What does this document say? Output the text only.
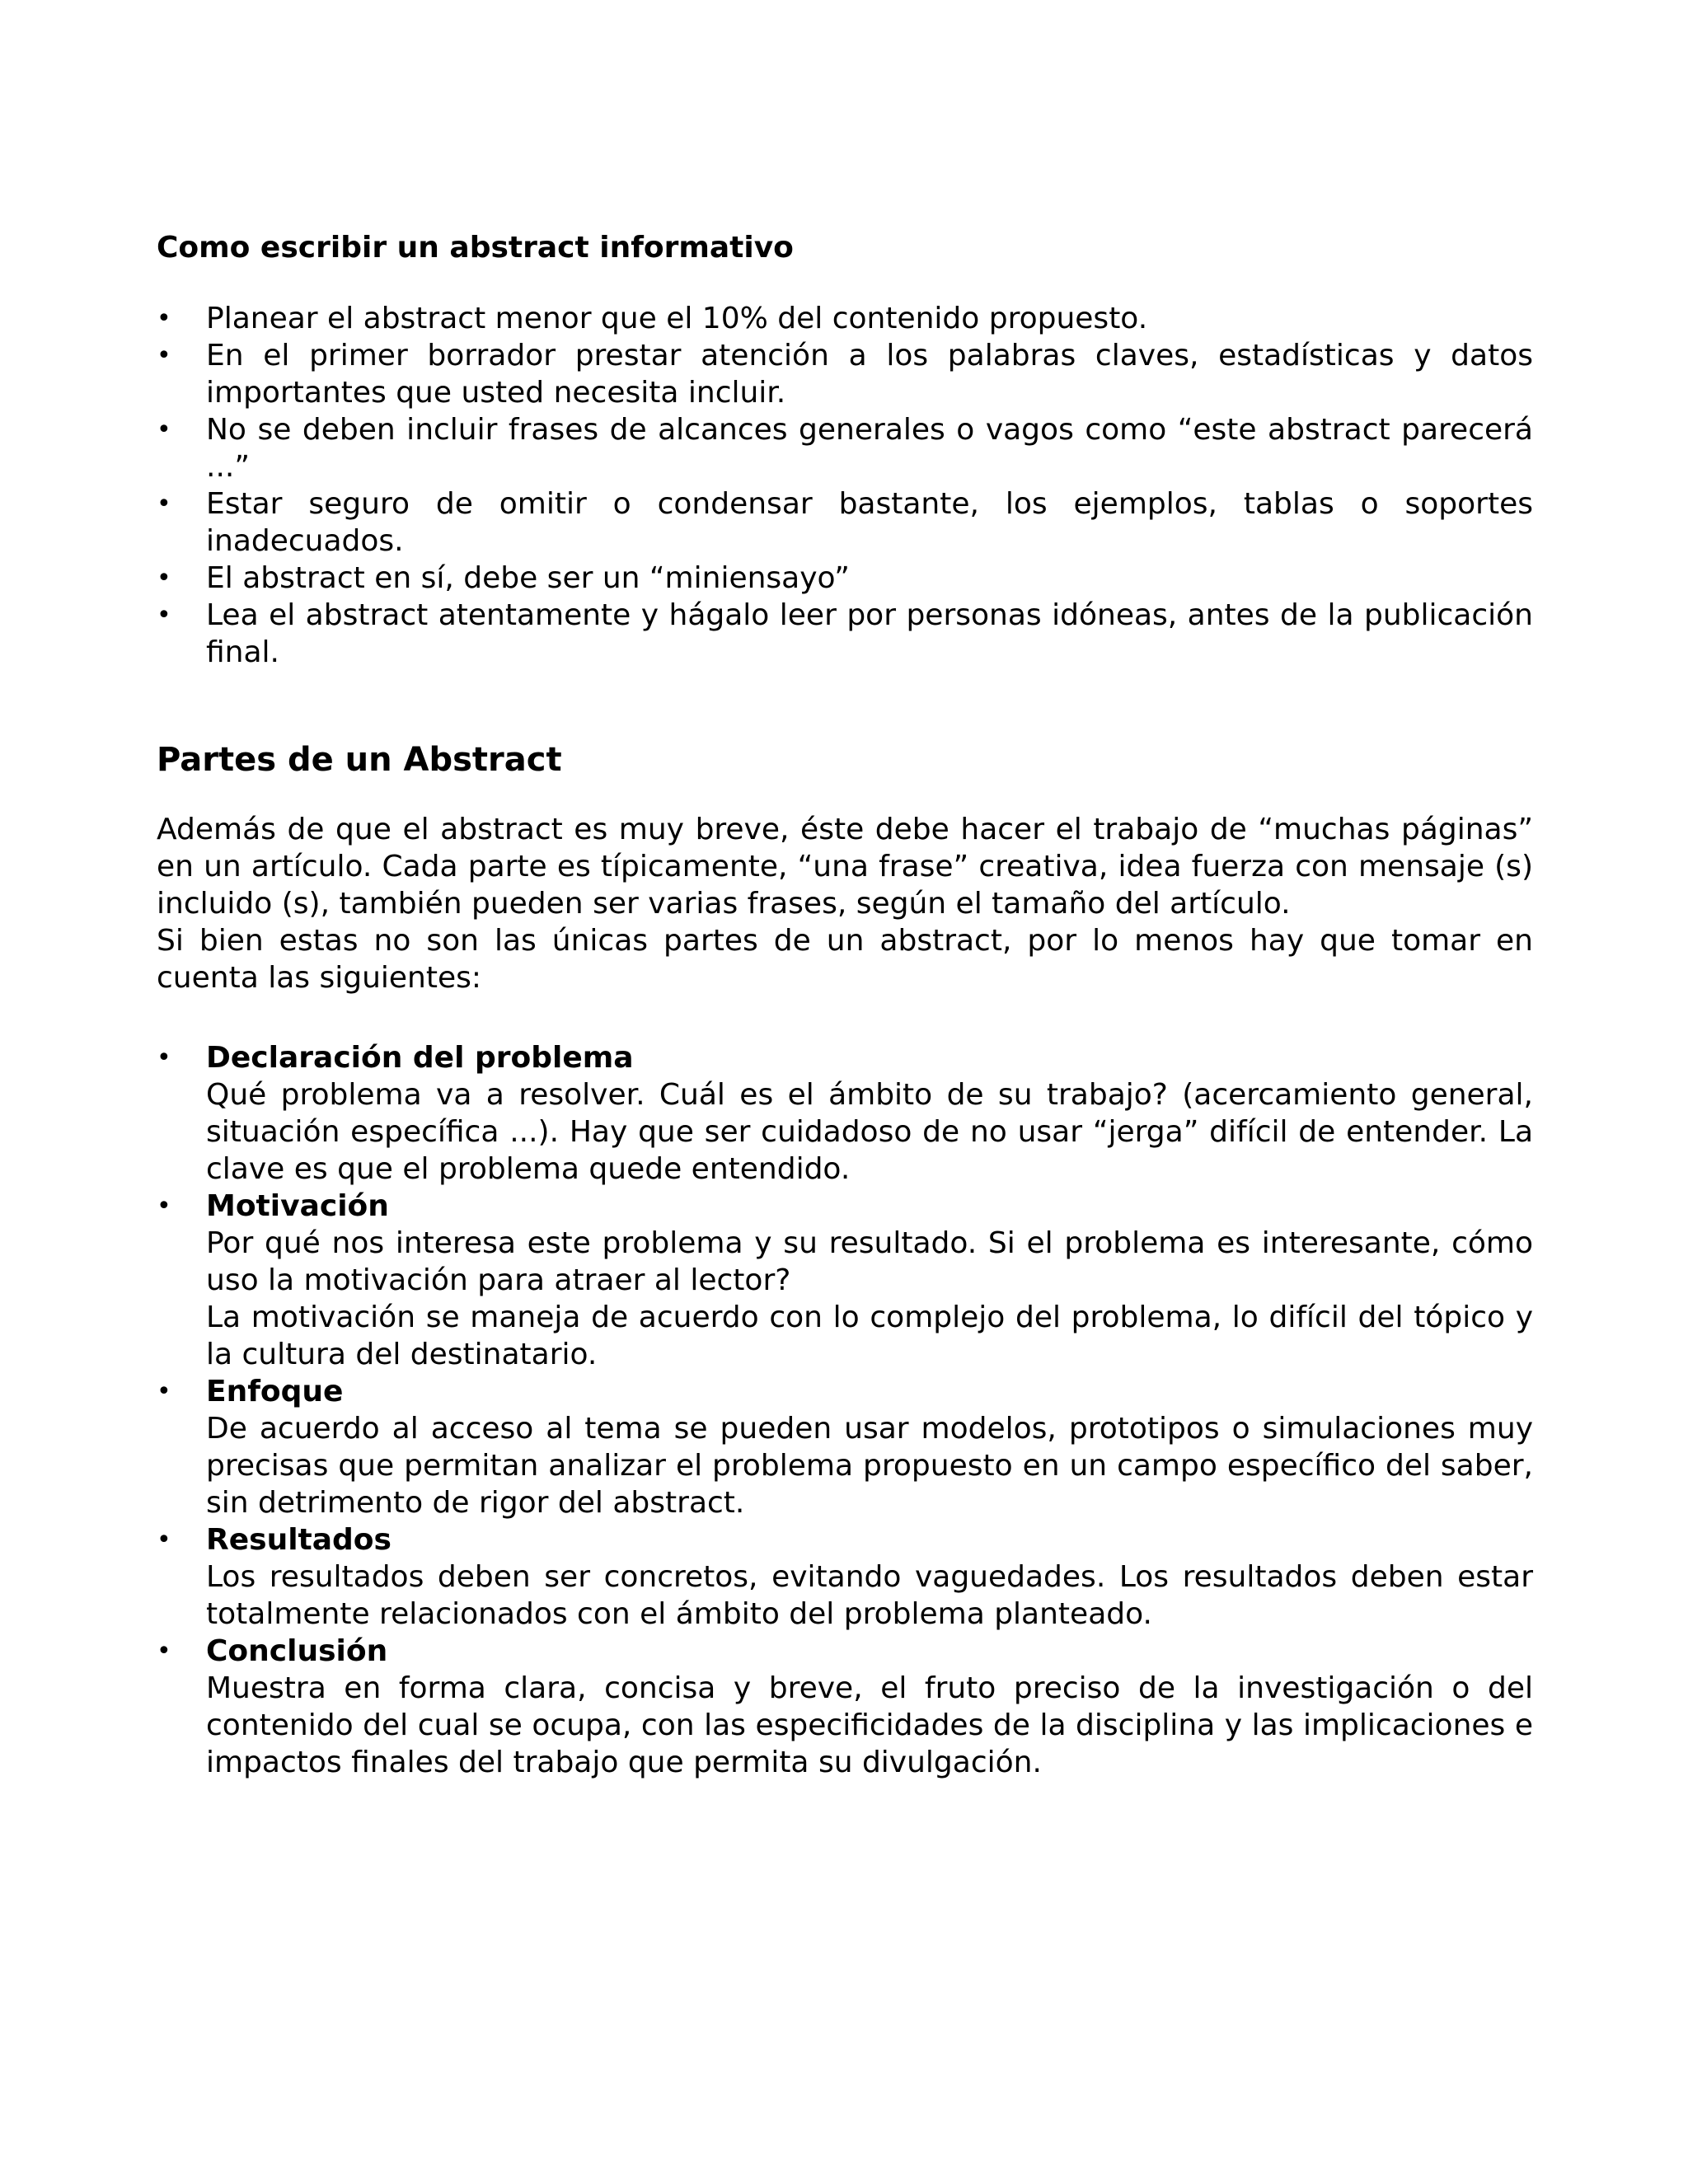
Como escribir un abstract informativo
•	Planear el abstract menor que el 10% del contenido propuesto.
•	En el primer borrador prestar atención a los palabras claves, estadísticas y datos importantes que usted necesita incluir.
•	No se deben incluir frases de alcances generales o vagos como “este abstract parecerá ...”
•	Estar seguro de omitir o condensar bastante, los ejemplos, tablas o soportes inadecuados.
•	El abstract en sí, debe ser un “miniensayo”
•	Lea el abstract atentamente y hágalo leer por personas idóneas, antes de la publicación final.
Partes de un Abstract

Además de que el abstract es muy breve, éste debe hacer el trabajo de “muchas páginas” en un artículo. Cada parte es típicamente, “una frase” creativa, idea fuerza con mensaje (s) incluido (s), también pueden ser varias frases, según el tamaño del artículo.
Si bien estas no son las únicas partes de un abstract, por lo menos hay que tomar en cuenta las siguientes:

•	Declaración del problema
Qué problema va a resolver. Cuál es el ámbito de su trabajo? (acercamiento general, situación específica ...). Hay que ser cuidadoso de no usar “jerga” difícil de entender. La clave es que el problema quede entendido.
•	Motivación
Por qué nos interesa este problema y su resultado. Si el problema es interesante, cómo uso la motivación para atraer al lector?
La motivación se maneja de acuerdo con lo complejo del problema, lo difícil del tópico y la cultura del destinatario.
•	Enfoque
De acuerdo al acceso al tema se pueden usar modelos, prototipos o simulaciones muy precisas que permitan analizar el problema propuesto en un campo específico del saber, sin detrimento de rigor del abstract.
•	Resultados
Los resultados deben ser concretos, evitando vaguedades. Los resultados deben estar totalmente relacionados con el ámbito del problema planteado.
•	Conclusión
Muestra en forma clara, concisa y breve, el fruto preciso de la investigación o del contenido del cual se ocupa, con las especificidades de la disciplina y las implicaciones e impactos finales del trabajo que permita su divulgación.
